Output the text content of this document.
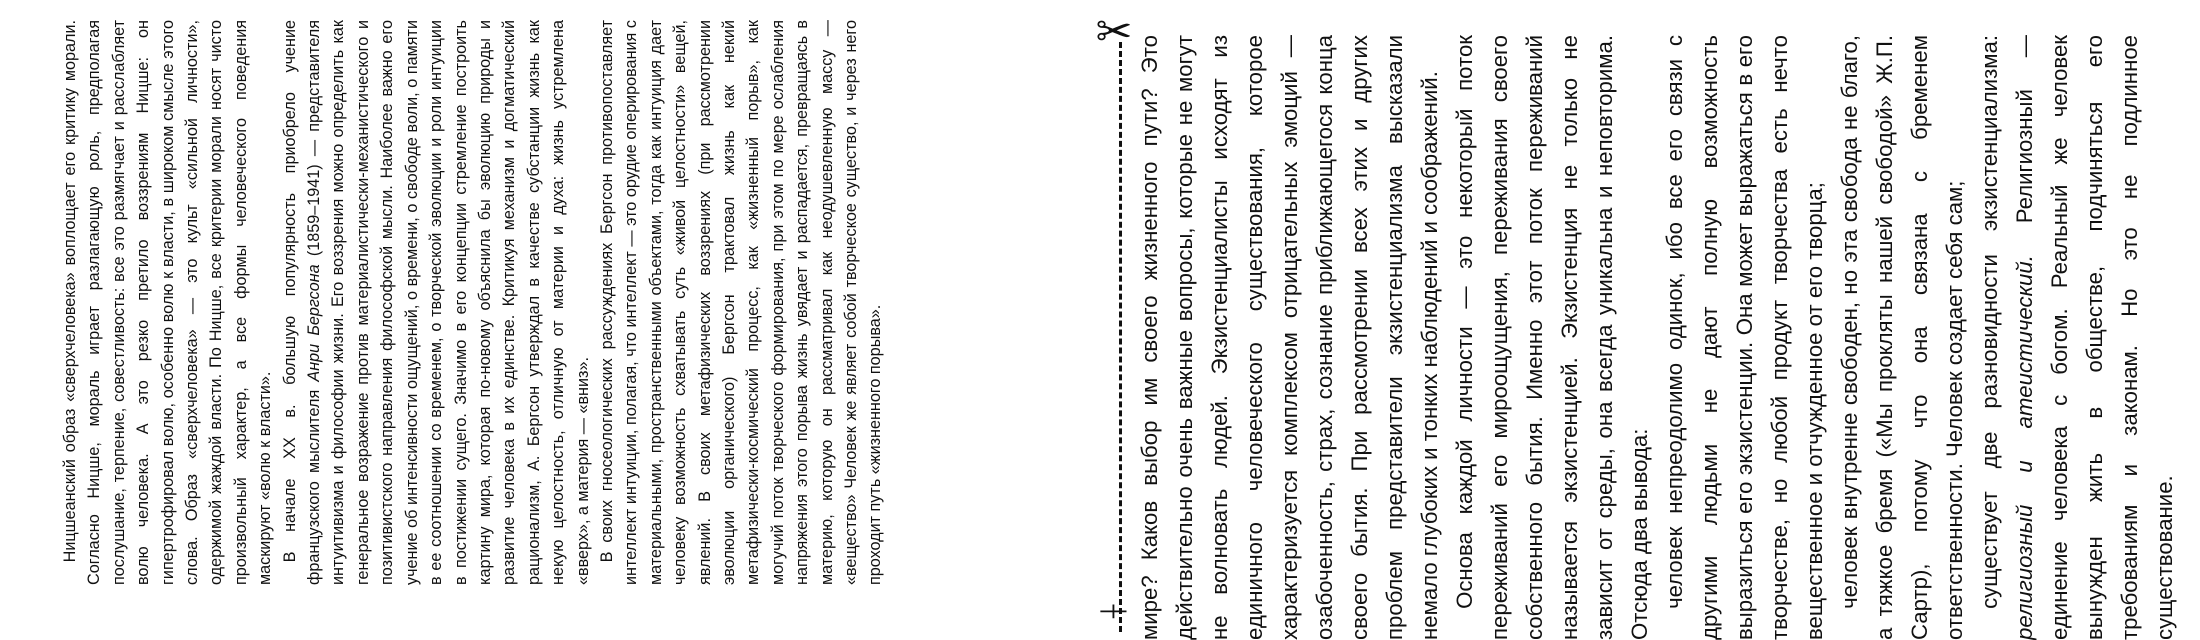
Ницшеанский образ «сверхчеловека» воплощает его критику морали. Согласно Ницше, мораль играет разлагающую роль, предполагая послушание, терпение, совестливость: все это размягчает и расслабляет волю человека. А это резко претило воззрениям Ницше: он гипертрофировал волю, особенно волю к власти, в широком смысле этого слова. Образ «сверхчеловека» — это культ «сильной личности», одержимой жаждой власти. По Ницше, все критерии морали носят чисто произвольный характер, а все формы человеческого поведения маскируют «волю к власти». В начале XX в. большую популярность приобрело учение французского мыслителя Анри Бергсона (1859–1941) — представителя интуитивизма и философии жизни. Его воззрения можно определить как генеральное возражение против материалистически-механистического и позитивистского направления философской мысли. Наиболее важно его учение об интенсивности ощущений, о времени, о свободе воли, о памяти в ее соотношении со временем, о творческой эволюции и роли интуиции в постижении сущего. Значимо в его концепции стремление построить картину мира, которая по-новому объяснила бы эволюцию природы и развитие человека в их единстве. Критикуя механизм и догматический рационализм, А. Бергсон утверждал в качестве субстанции жизнь как некую целостность, отличную от материи и духа: жизнь устремлена «вверх», а материя — «вниз». В своих гносеологических рассуждениях Бергсон противопоставляет интеллект интуиции, полагая, что интеллект — это орудие оперирования с материальными, пространственными объектами, тогда как интуиция дает человеку возможность схватывать суть «живой целостности» вещей, явлений. В своих метафизических воззрениях (при рассмотрении эволюции органического) Бергсон трактовал жизнь как некий метафизически-космический процесс, как «жизненный порыв», как могучий поток творческого формирования, при этом по мере ослабления напряжения этого порыва жизнь увядает и распадается, превращаясь в материю, которую он рассматривал как неодушевленную массу — «вещество» Человек же являет собой творческое существо, и через него проходит путь «жизненного порыва».

┼
✂

мире? Каков выбор им своего жизненного пути? Это действительно очень важные вопросы, которые не могут не волновать людей. Экзистенциалисты исходят из единичного человеческого существования, которое характеризуется комплексом отрицательных эмоций — озабоченность, страх, сознание приближающегося конца своего бытия. При рассмотрении всех этих и других проблем представители экзистенциализма высказали немало глубоких и тонких наблюдений и соображений. Основа каждой личности — это некоторый поток переживаний его мироощущения, переживания своего собственного бытия. Именно этот поток переживаний называется экзистенцией. Экзистенция не только не зависит от среды, она всегда уникальна и неповторима. Отсюда два вывода: человек непреодолимо одинок, ибо все его связи с другими людьми не дают полную возможность выразиться его экзистенции. Она может выражаться в его творчестве, но любой продукт творчества есть нечто вещественное и отчужденное от его творца; человек внутренне свободен, но эта свобода не благо, а тяжкое бремя («Мы прокляты нашей свободой» Ж.П. Сартр), потому что она связана с бременем ответственности. Человек создает себя сам; существует две разновидности экзистенциализма: религиозный и атеистический. Религиозный — единение человека с богом. Реальный же человек вынужден жить в обществе, подчиняться его требованиям и законам. Но это не подлинное существование.
